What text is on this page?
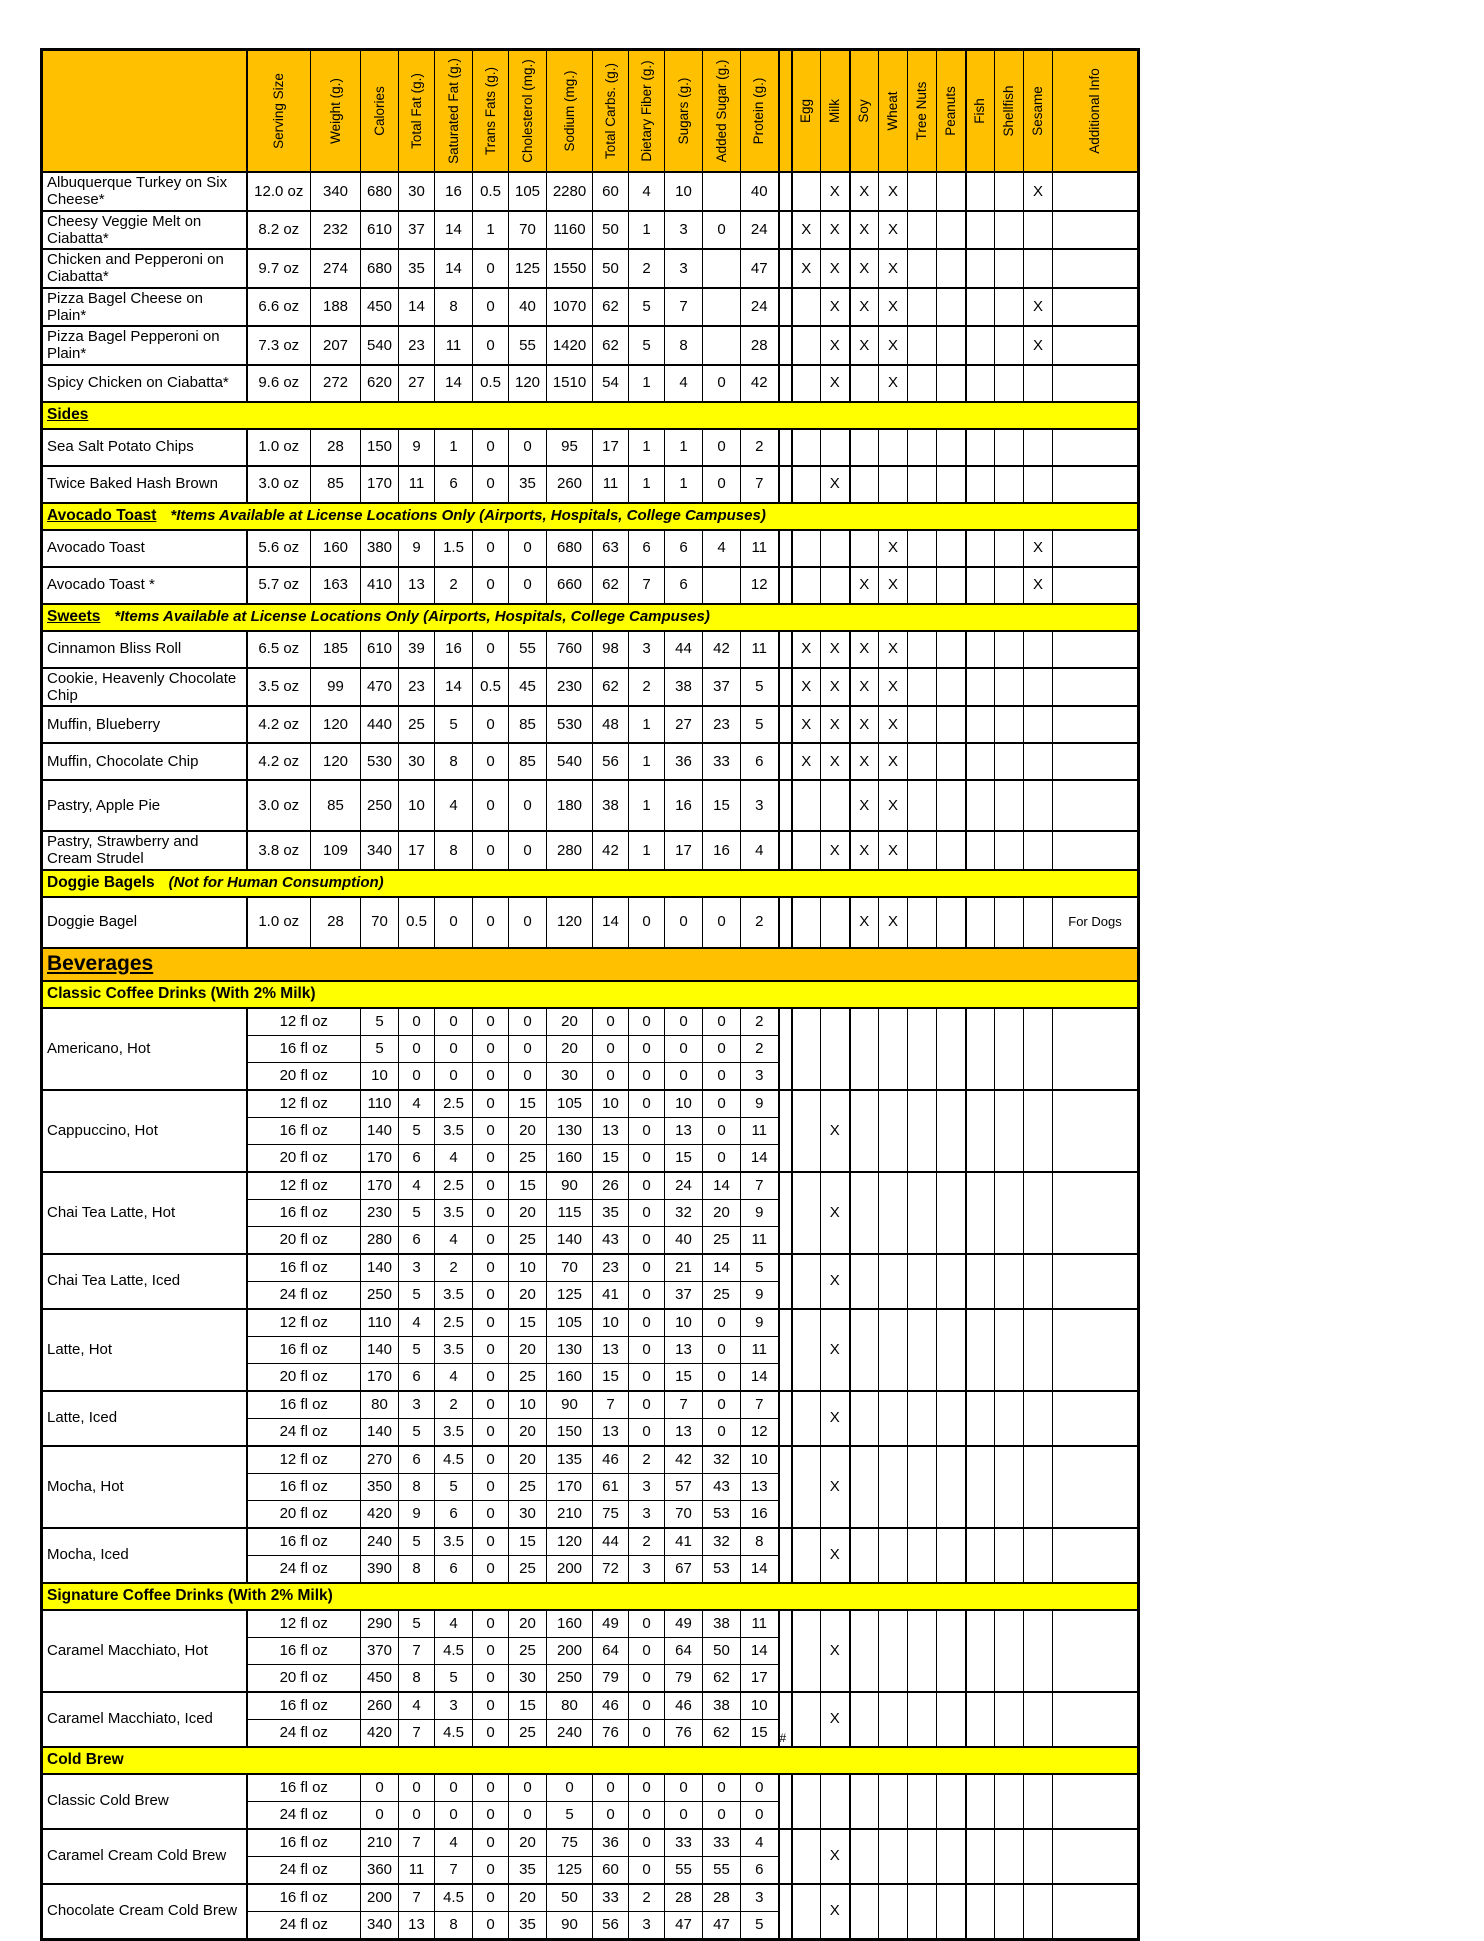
	Serving Size	Weight (g.)	Calories	Total Fat (g.)	Saturated Fat (g.)	Trans Fats (g.)	Cholesterol (mg.)	Sodium (mg.)	Total Carbs. (g.)	Dietary Fiber (g.)	Sugars (g.)	Added Sugar (g.)	Protein (g.)		Egg	Milk	Soy	Wheat	Tree Nuts	Peanuts	Fish	Shellfish	Sesame	Additional Info

Albuquerque Turkey on Six Cheese*	12.0 oz	340	680	30	16	0.5	105	2280	60	4	10		40			X	X	X					X	
Cheesy Veggie Melt on Ciabatta*	8.2 oz	232	610	37	14	1	70	1160	50	1	3	0	24		X	X	X	X						
Chicken and Pepperoni on Ciabatta*	9.7 oz	274	680	35	14	0	125	1550	50	2	3		47		X	X	X	X						
Pizza Bagel Cheese on Plain*	6.6 oz	188	450	14	8	0	40	1070	62	5	7		24			X	X	X					X	
Pizza Bagel Pepperoni on Plain*	7.3 oz	207	540	23	11	0	55	1420	62	5	8		28			X	X	X					X	
Spicy Chicken on Ciabatta*	9.6 oz	272	620	27	14	0.5	120	1510	54	1	4	0	42			X		X						
Sides																								
Sea Salt Potato Chips	1.0 oz	28	150	9	1	0	0	95	17	1	1	0	2											
Twice Baked Hash Brown	3.0 oz	85	170	11	6	0	35	260	11	1	1	0	7			X								
Avocado Toast *Items Available at License Locations Only (Airports, Hospitals, College Campuses)																								
Avocado Toast	5.6 oz	160	380	9	1.5	0	0	680	63	6	6	4	11					X					X	
Avocado Toast *	5.7 oz	163	410	13	2	0	0	660	62	7	6		12				X	X					X	
Sweets *Items Available at License Locations Only (Airports, Hospitals, College Campuses)																								
Cinnamon Bliss Roll	6.5 oz	185	610	39	16	0	55	760	98	3	44	42	11		X	X	X	X						
Cookie, Heavenly Chocolate Chip	3.5 oz	99	470	23	14	0.5	45	230	62	2	38	37	5		X	X	X	X						
Muffin, Blueberry	4.2 oz	120	440	25	5	0	85	530	48	1	27	23	5		X	X	X	X						
Muffin, Chocolate Chip	4.2 oz	120	530	30	8	0	85	540	56	1	36	33	6		X	X	X	X						
Pastry, Apple Pie	3.0 oz	85	250	10	4	0	0	180	38	1	16	15	3				X	X						
Pastry, Strawberry and Cream Strudel	3.8 oz	109	340	17	8	0	0	280	42	1	17	16	4			X	X	X						
Doggie Bagels (Not for Human Consumption)																								
Doggie Bagel	1.0 oz	28	70	0.5	0	0	0	120	14	0	0	0	2				X	X						For Dogs
Beverages																								
Classic Coffee Drinks (With 2% Milk)																								
Americano, Hot	12 fl oz		5	0	0	0	0	20	0	0	0	0	2											
	16 fl oz		5	0	0	0	0	20	0	0	0	0	2											
	20 fl oz		10	0	0	0	0	30	0	0	0	0	3											
Cappuccino, Hot	12 fl oz		110	4	2.5	0	15	105	10	0	10	0	9			X								
	16 fl oz		140	5	3.5	0	20	130	13	0	13	0	11											
	20 fl oz		170	6	4	0	25	160	15	0	15	0	14											
Chai Tea Latte, Hot	12 fl oz		170	4	2.5	0	15	90	26	0	24	14	7			X								
	16 fl oz		230	5	3.5	0	20	115	35	0	32	20	9											
	20 fl oz		280	6	4	0	25	140	43	0	40	25	11											
Chai Tea Latte, Iced	16 fl oz		140	3	2	0	10	70	23	0	21	14	5			X								
	24 fl oz		250	5	3.5	0	20	125	41	0	37	25	9											
Latte, Hot	12 fl oz		110	4	2.5	0	15	105	10	0	10	0	9			X								
	16 fl oz		140	5	3.5	0	20	130	13	0	13	0	11											
	20 fl oz		170	6	4	0	25	160	15	0	15	0	14											
Latte, Iced	16 fl oz		80	3	2	0	10	90	7	0	7	0	7			X								
	24 fl oz		140	5	3.5	0	20	150	13	0	13	0	12											
Mocha, Hot	12 fl oz		270	6	4.5	0	20	135	46	2	42	32	10			X								
	16 fl oz		350	8	5	0	25	170	61	3	57	43	13											
	20 fl oz		420	9	6	0	30	210	75	3	70	53	16											
Mocha, Iced	16 fl oz		240	5	3.5	0	15	120	44	2	41	32	8			X								
	24 fl oz		390	8	6	0	25	200	72	3	67	53	14											
Signature Coffee Drinks (With 2% Milk)																								
Caramel Macchiato, Hot	12 fl oz		290	5	4	0	20	160	49	0	49	38	11			X								
	16 fl oz		370	7	4.5	0	25	200	64	0	64	50	14											
	20 fl oz		450	8	5	0	30	250	79	0	79	62	17											
Caramel Macchiato, Iced	16 fl oz		260	4	3	0	15	80	46	0	46	38	10	#		X								
	24 fl oz		420	7	4.5	0	25	240	76	0	76	62	15											
Cold Brew																								
Classic Cold Brew	16 fl oz		0	0	0	0	0	0	0	0	0	0	0											
	24 fl oz		0	0	0	0	0	5	0	0	0	0	0											
Caramel Cream Cold Brew	16 fl oz		210	7	4	0	20	75	36	0	33	33	4			X								
	24 fl oz		360	11	7	0	35	125	60	0	55	55	6											
Chocolate Cream Cold Brew	16 fl oz		200	7	4.5	0	20	50	33	2	28	28	3			X								
	24 fl oz		340	13	8	0	35	90	56	3	47	47	5											
